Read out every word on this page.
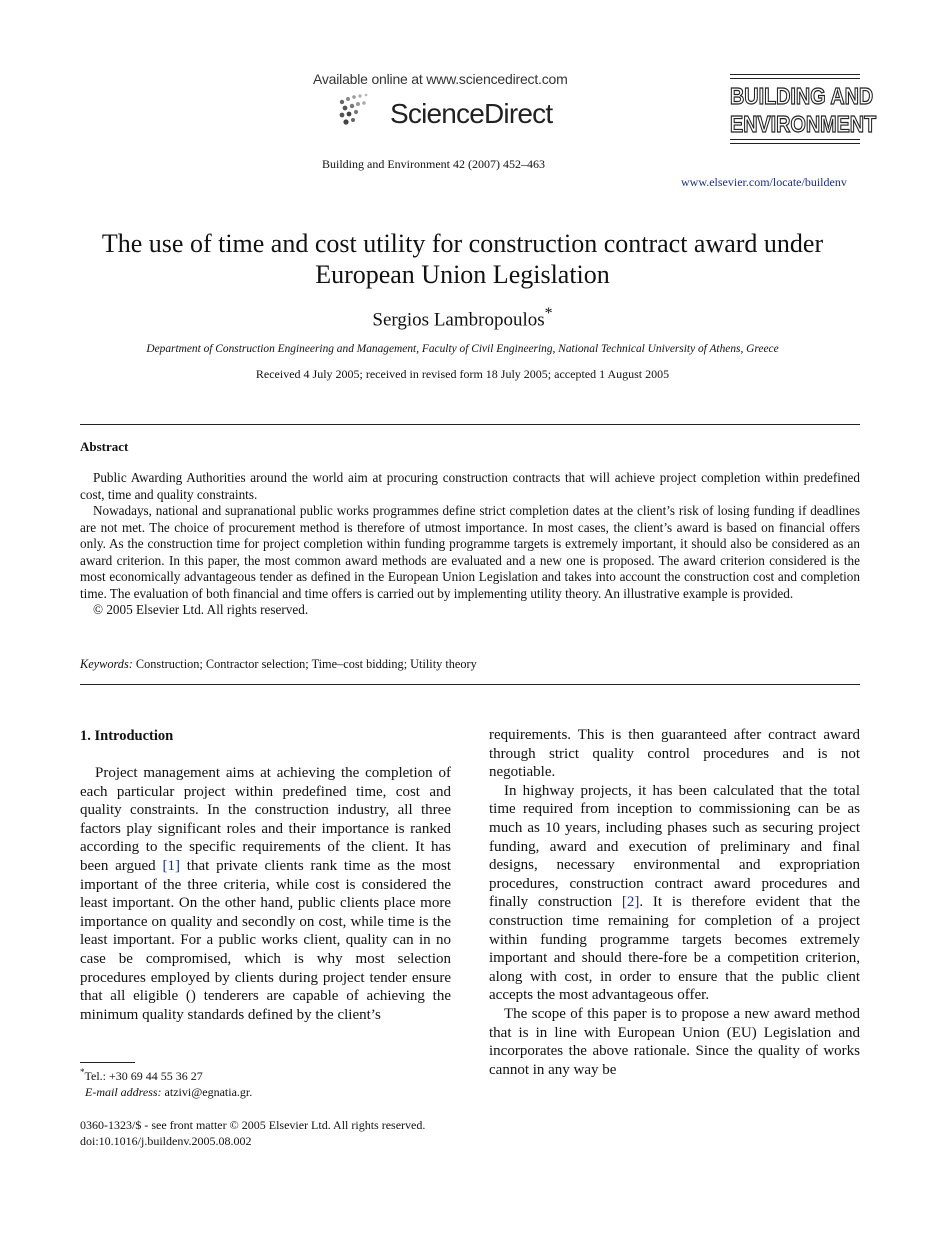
Available online at www.sciencedirect.com
ScienceDirect
Building and Environment 42 (2007) 452–463
BUILDING AND
ENVIRONMENT
www.elsevier.com/locate/buildenv
The use of time and cost utility for construction contract award under
European Union Legislation
Sergios Lambropoulos*
Department of Construction Engineering and Management, Faculty of Civil Engineering, National Technical University of Athens, Greece
Received 4 July 2005; received in revised form 18 July 2005; accepted 1 August 2005
Abstract

Public Awarding Authorities around the world aim at procuring construction contracts that will achieve project completion within predefined cost, time and quality constraints.

Nowadays, national and supranational public works programmes define strict completion dates at the client’s risk of losing funding if deadlines are not met. The choice of procurement method is therefore of utmost importance. In most cases, the client’s award is based on financial offers only. As the construction time for project completion within funding programme targets is extremely important, it should also be considered as an award criterion. In this paper, the most common award methods are evaluated and a new one is proposed. The award criterion considered is the most economically advantageous tender as defined in the European Union Legislation and takes into account the construction cost and completion time. The evaluation of both financial and time offers is carried out by implementing utility theory. An illustrative example is provided.

© 2005 Elsevier Ltd. All rights reserved.

Keywords: Construction; Contractor selection; Time–cost bidding; Utility theory
1. Introduction

Project management aims at achieving the completion of each particular project within predefined time, cost and quality constraints. In the construction industry, all three factors play significant roles and their importance is ranked according to the specific requirements of the client. It has been argued [1] that private clients rank time as the most important of the three criteria, while cost is considered the least important. On the other hand, public clients place more importance on quality and secondly on cost, while time is the least important. For a public works client, quality can in no case be compromised, which is why most selection procedures employed by clients during project tender ensure that all eligible () tenderers are capable of achieving the minimum quality standards defined by the client’s

requirements. This is then guaranteed after contract award through strict quality control procedures and is not negotiable.

In highway projects, it has been calculated that the total time required from inception to commissioning can be as much as 10 years, including phases such as securing project funding, award and execution of preliminary and final designs, necessary environmental and expropriation procedures, construction contract award procedures and finally construction [2]. It is therefore evident that the construction time remaining for completion of a project within funding programme targets becomes extremely important and should there-fore be a competition criterion, along with cost, in order to ensure that the public client accepts the most advantageous offer.

The scope of this paper is to propose a new award method that is in line with European Union (EU) Legislation and incorporates the above rationale. Since the quality of works cannot in any way be

*Tel.: +30 69 44 55 36 27
E-mail address: atzivi@egnatia.gr.
0360-1323/$ - see front matter © 2005 Elsevier Ltd. All rights reserved.
doi:10.1016/j.buildenv.2005.08.002
